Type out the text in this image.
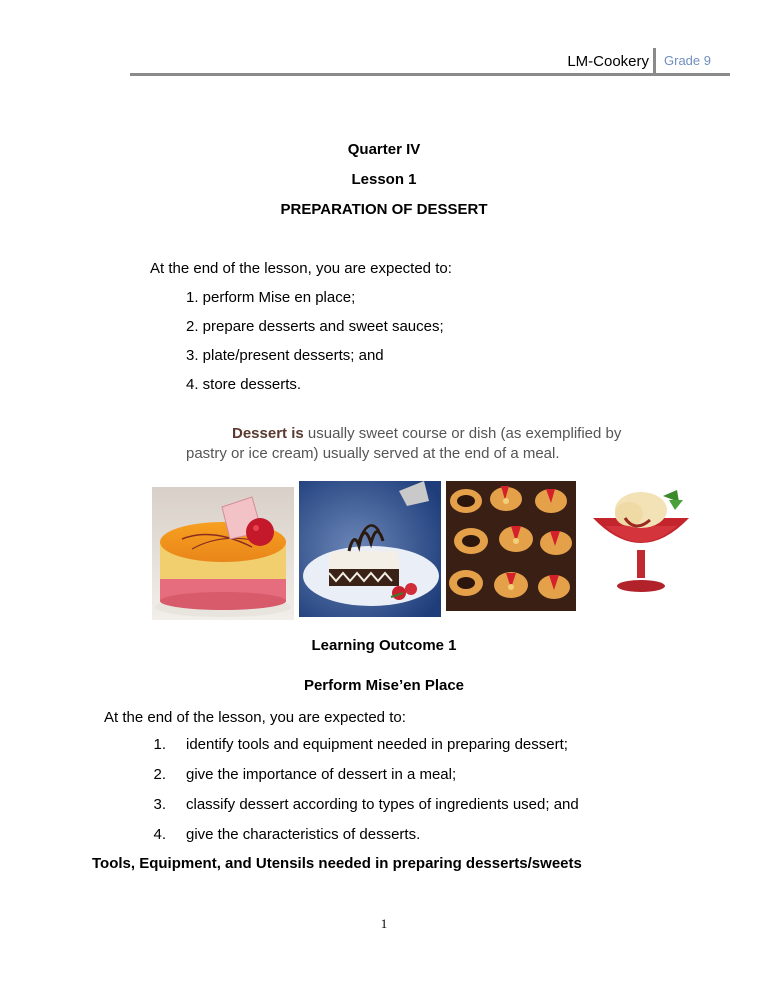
LM-Cookery Grade 9
Quarter IV
Lesson 1
PREPARATION OF DESSERT
At the end of the lesson, you are expected to:
1. perform Mise en place;
2. prepare desserts and sweet sauces;
3. plate/present desserts; and
4. store desserts.
Dessert is usually sweet course or dish (as exemplified by pastry or ice cream) usually served at the end of a meal.
Learning Outcome 1
Perform Mise’en Place
At the end of the lesson, you are expected to:
1. identify tools and equipment needed in preparing dessert;
2. give the importance of dessert in a meal;
3. classify dessert according to types of ingredients used; and
4. give the characteristics of desserts.
Tools, Equipment, and Utensils needed in preparing desserts/sweets
1
